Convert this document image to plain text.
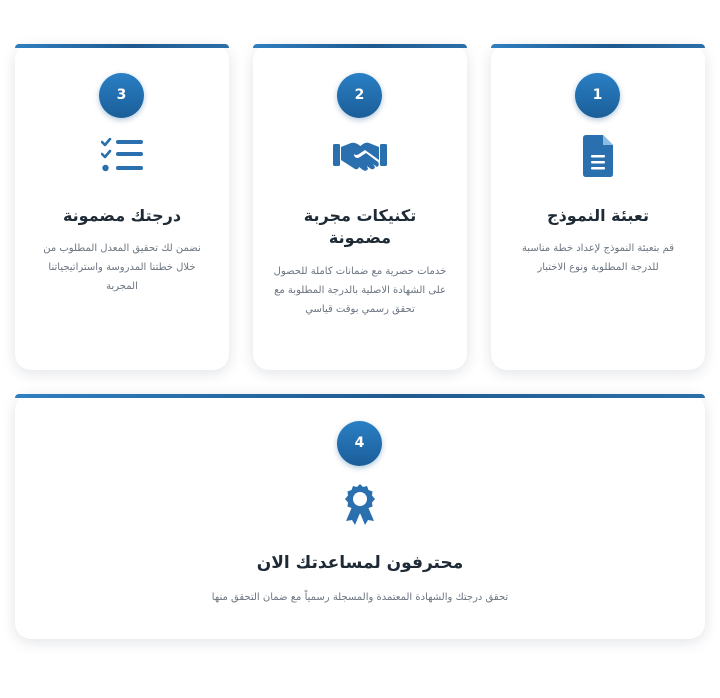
1
تعبئة النموذج
قم بتعبئة النموذج لإعداد خطة مناسبة للدرجة المطلوبة ونوع الاختبار
2
تكنيكات مجربة مضمونة
خدمات حصرية مع ضمانات كاملة للحصول على الشهادة الاصلية بالدرجة المطلوبة مع تحقق رسمي بوقت قياسي
3
درجتك مضمونة
نضمن لك تحقيق المعدل المطلوب من خلال خطتنا المدروسة واستراتيجياتنا المجربة
4
محترفون لمساعدتك الان
تحقق درجتك والشهادة المعتمدة والمسجلة رسمياً مع ضمان التحقق منها
